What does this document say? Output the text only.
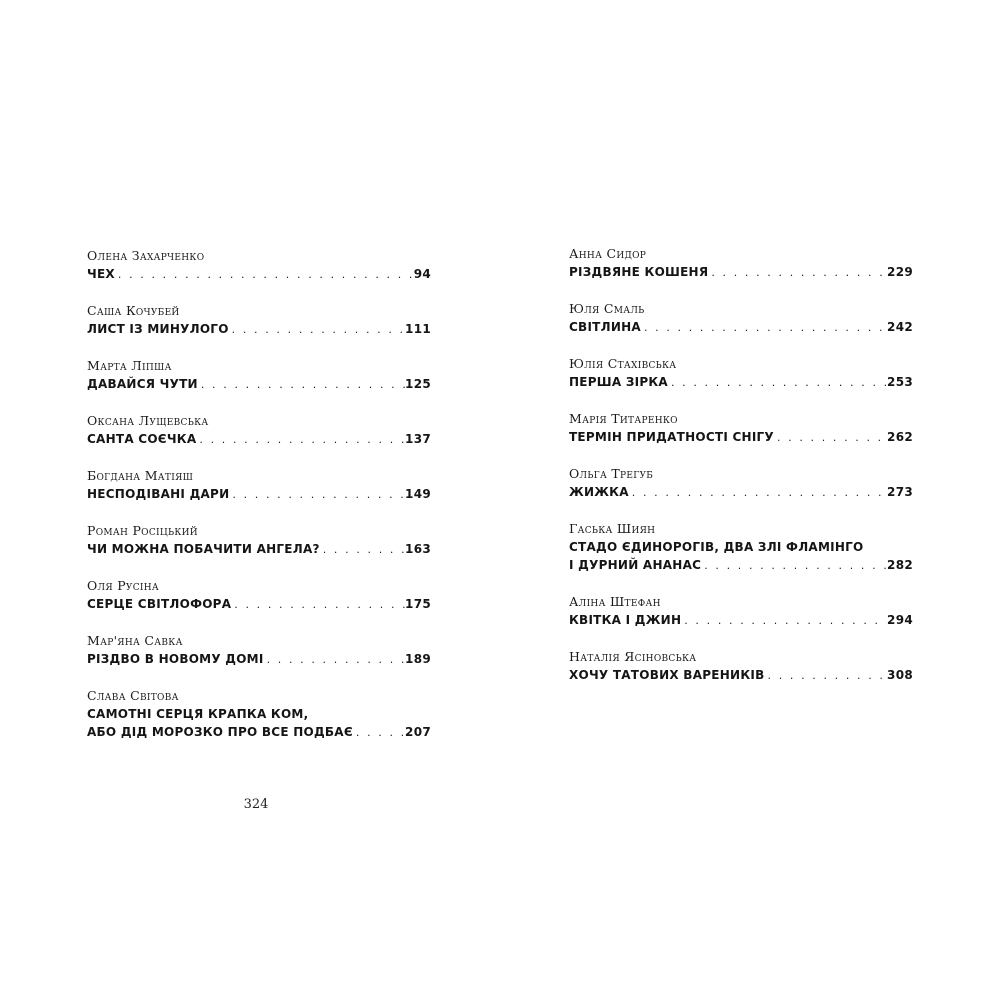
Олена Захарченко
ЧЕХ . . .	94
Саша Кочубей
ЛИСТ ІЗ МИНУЛОГО . . .	111
Марта Лiпша
ДАВАЙСЯ ЧУТИ . . .	125
Оксана Лущевська
САНТА СОЄЧКА . . .	137
Богдана Матіяш
НЕСПОДІВАНІ ДАРИ . . .	149
Роман Росіцький
ЧИ МОЖНА ПОБАЧИТИ АНГЕЛА? . . .	163
Оля Русіна
СЕРЦЕ СВІТЛОФОРА . . .	175
Мар'яна Савка
РІЗДВО В НОВОМУ ДОМІ . . .	189
Слава Світова
САМОТНІ СЕРЦЯ КРАПКА КОМ,
АБО ДІД МОРОЗКО ПРО ВСЕ ПОДБАЄ . . .	207
Анна Сидор
РІЗДВЯНЕ КОШЕНЯ . . .	229
Юля Смаль
СВІТЛИНА . . .	242
Юлія Стахівська
ПЕРША ЗІРКА . . .	253
Марія Титаренко
ТЕРМІН ПРИДАТНОСТІ СНІГУ . . .	262
Ольга Трегуб
ЖИЖКА . . .	273
Гаська Шиян
СТАДО ЄДИНОРОГІВ, ДВА ЗЛІ ФЛАМІНГО
І ДУРНИЙ АНАНАС . . .	282
Аліна Штефан
КВІТКА І ДЖИН . . .	294
Наталія Ясіновська
ХОЧУ ТАТОВИХ ВАРЕНИКІВ . . .	308
324
